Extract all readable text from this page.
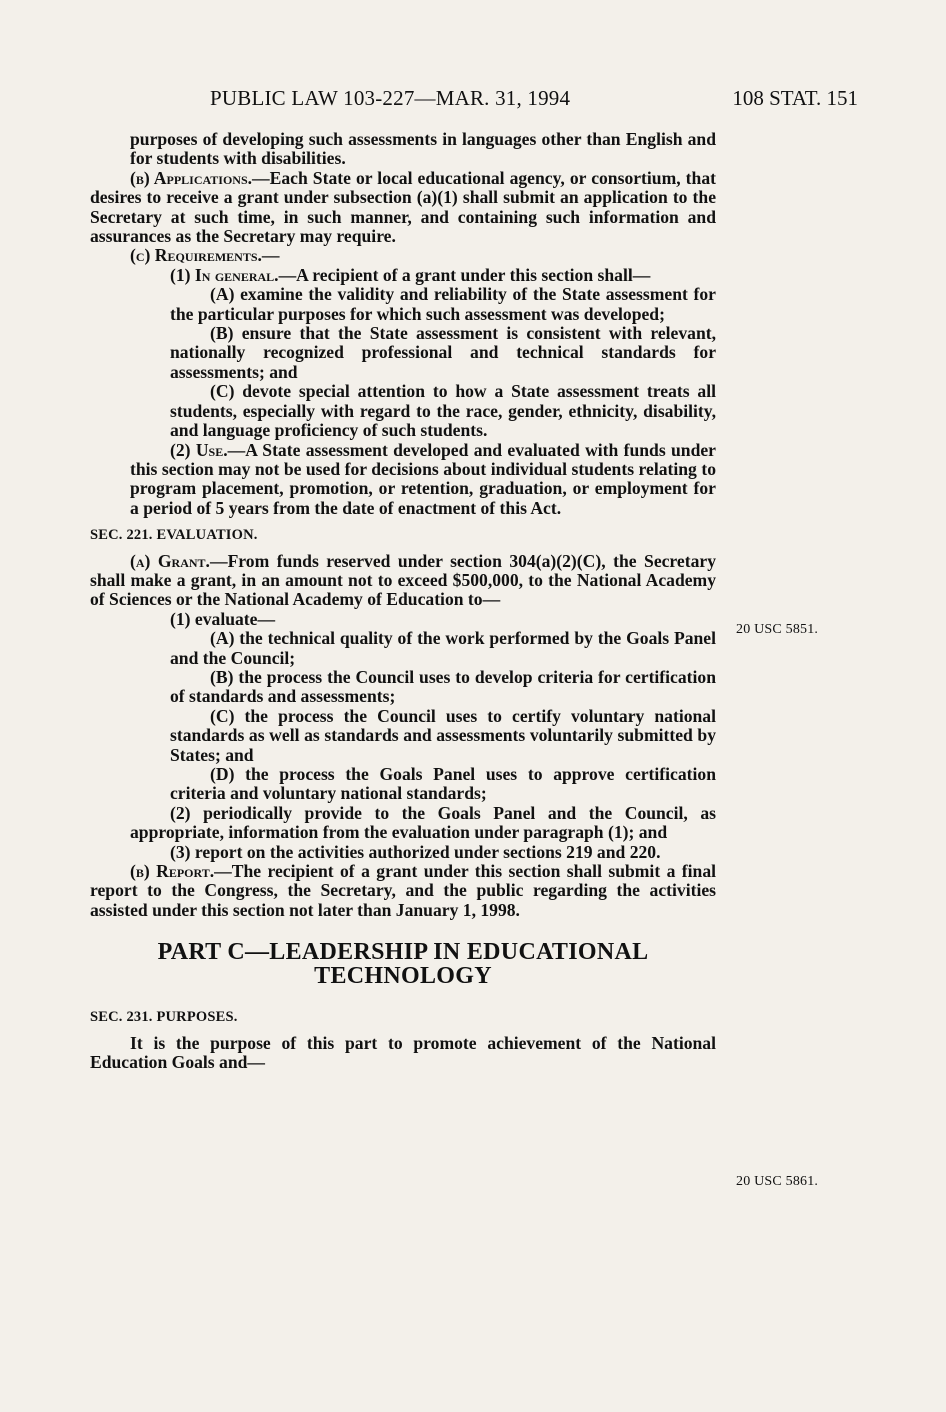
PUBLIC LAW 103-227—MAR. 31, 1994	108 STAT. 151
20 USC 5851.
20 USC 5861.

purposes of developing such assessments in languages other than English and for students with disabilities.

(b) Applications.—Each State or local educational agency, or consortium, that desires to receive a grant under subsection (a)(1) shall submit an application to the Secretary at such time, in such manner, and containing such information and assurances as the Secretary may require.

(c) Requirements.—

(1) In general.—A recipient of a grant under this section shall—

(A) examine the validity and reliability of the State assessment for the particular purposes for which such assessment was developed;

(B) ensure that the State assessment is consistent with relevant, nationally recognized professional and technical standards for assessments; and

(C) devote special attention to how a State assessment treats all students, especially with regard to the race, gender, ethnicity, disability, and language proficiency of such students.

(2) Use.—A State assessment developed and evaluated with funds under this section may not be used for decisions about individual students relating to program placement, promotion, or retention, graduation, or employment for a period of 5 years from the date of enactment of this Act.

SEC. 221. EVALUATION.

(a) Grant.—From funds reserved under section 304(a)(2)(C), the Secretary shall make a grant, in an amount not to exceed $500,000, to the National Academy of Sciences or the National Academy of Education to—

(1) evaluate—

(A) the technical quality of the work performed by the Goals Panel and the Council;

(B) the process the Council uses to develop criteria for certification of standards and assessments;

(C) the process the Council uses to certify voluntary national standards as well as standards and assessments voluntarily submitted by States; and

(D) the process the Goals Panel uses to approve certification criteria and voluntary national standards;

(2) periodically provide to the Goals Panel and the Council, as appropriate, information from the evaluation under paragraph (1); and

(3) report on the activities authorized under sections 219 and 220.

(b) Report.—The recipient of a grant under this section shall submit a final report to the Congress, the Secretary, and the public regarding the activities assisted under this section not later than January 1, 1998.

PART C—LEADERSHIP IN EDUCATIONAL
TECHNOLOGY

SEC. 231. PURPOSES.

It is the purpose of this part to promote achievement of the National Education Goals and—
